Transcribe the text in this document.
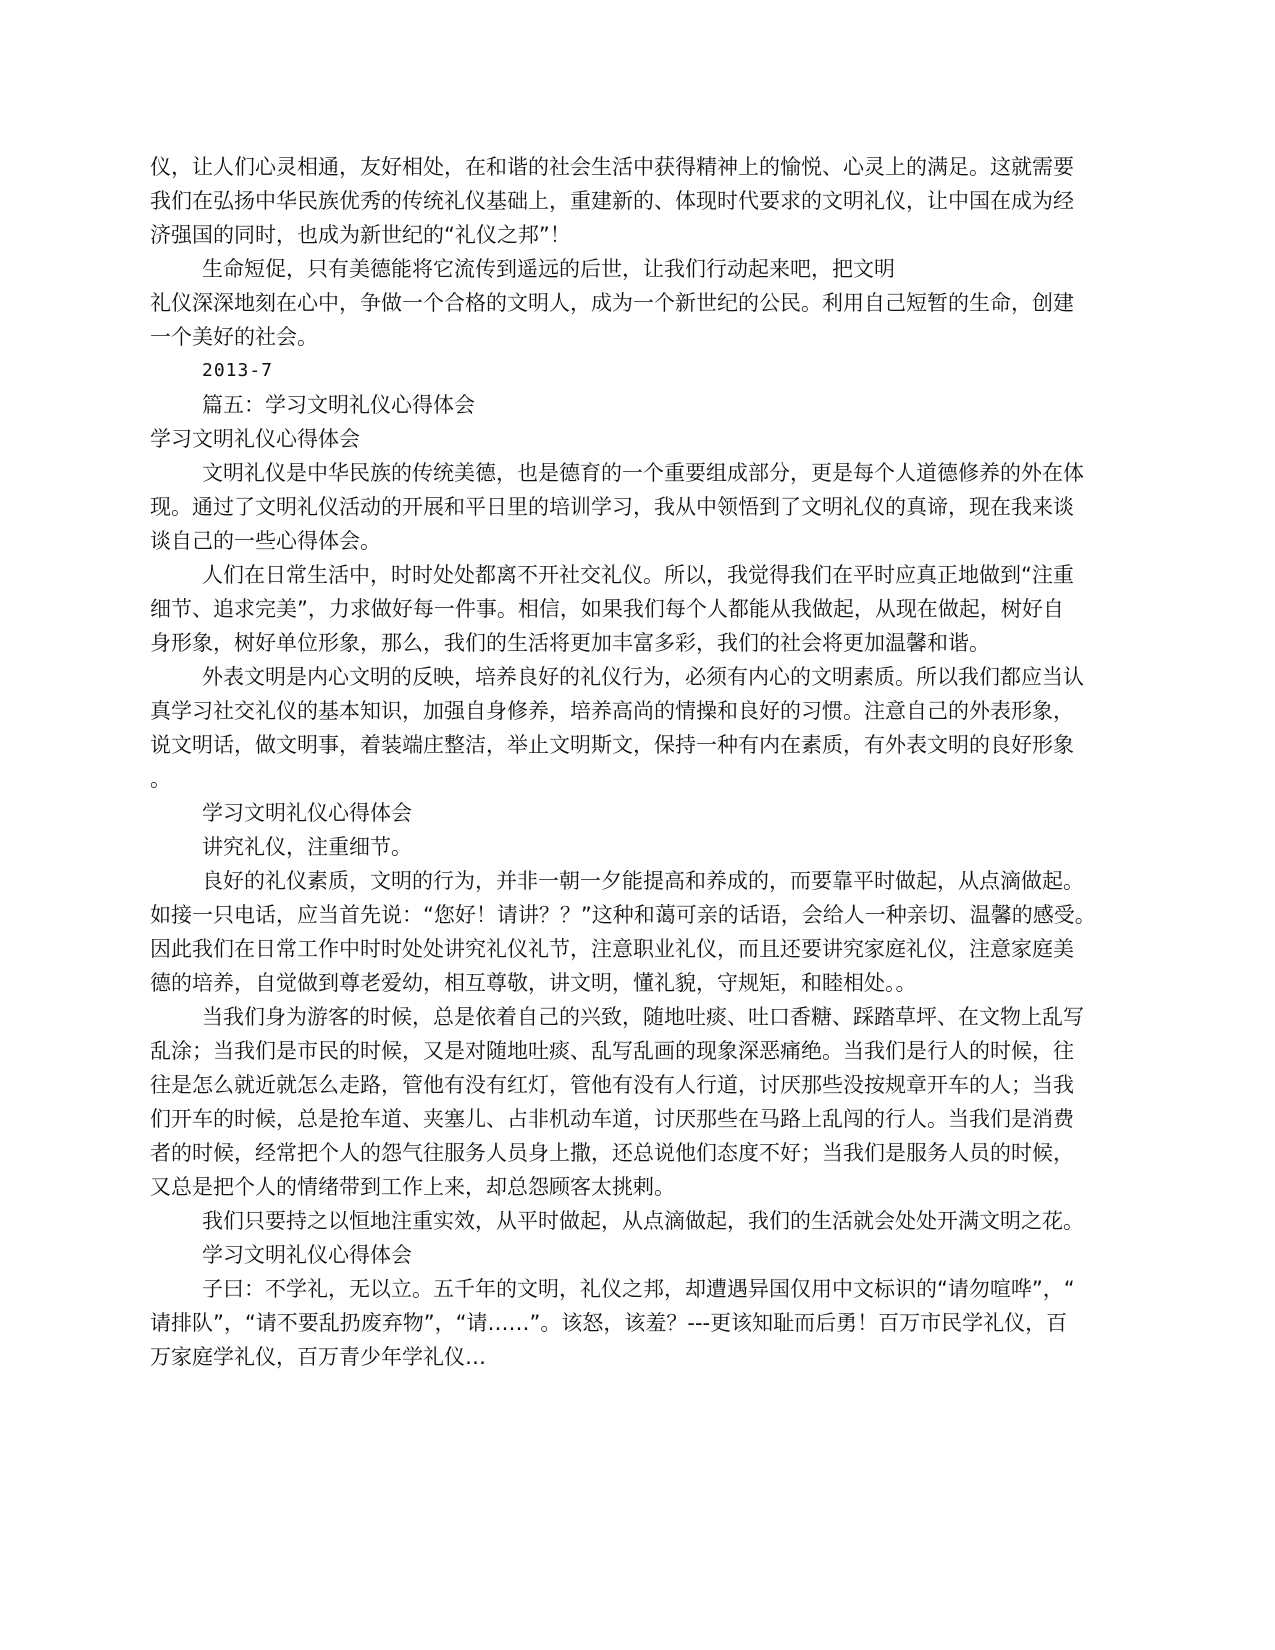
仪，让人们心灵相通，友好相处，在和谐的社会生活中获得精神上的愉悦、心灵上的满足。这就需要

我们在弘扬中华民族优秀的传统礼仪基础上，重建新的、体现时代要求的文明礼仪，让中国在成为经

济强国的同时，也成为新世纪的“礼仪之邦”！

生命短促，只有美德能将它流传到遥远的后世，让我们行动起来吧，把文明

礼仪深深地刻在心中，争做一个合格的文明人，成为一个新世纪的公民。利用自己短暂的生命，创建

一个美好的社会。

2013-7

篇五：学习文明礼仪心得体会

学习文明礼仪心得体会

文明礼仪是中华民族的传统美德，也是德育的一个重要组成部分，更是每个人道德修养的外在体

现。通过了文明礼仪活动的开展和平日里的培训学习，我从中领悟到了文明礼仪的真谛，现在我来谈

谈自己的一些心得体会。

人们在日常生活中，时时处处都离不开社交礼仪。所以，我觉得我们在平时应真正地做到“注重

细节、追求完美”，力求做好每一件事。相信，如果我们每个人都能从我做起，从现在做起，树好自

身形象，树好单位形象，那么，我们的生活将更加丰富多彩，我们的社会将更加温馨和谐。

外表文明是内心文明的反映，培养良好的礼仪行为，必须有内心的文明素质。所以我们都应当认

真学习社交礼仪的基本知识，加强自身修养，培养高尚的情操和良好的习惯。注意自己的外表形象，

说文明话，做文明事，着装端庄整洁，举止文明斯文，保持一种有内在素质，有外表文明的良好形象

。

学习文明礼仪心得体会

讲究礼仪，注重细节。

良好的礼仪素质，文明的行为，并非一朝一夕能提高和养成的，而要靠平时做起，从点滴做起。

如接一只电话，应当首先说：“您好！请讲？？”这种和蔼可亲的话语，会给人一种亲切、温馨的感受。

因此我们在日常工作中时时处处讲究礼仪礼节，注意职业礼仪，而且还要讲究家庭礼仪，注意家庭美

德的培养，自觉做到尊老爱幼，相互尊敬，讲文明，懂礼貌，守规矩，和睦相处。。

当我们身为游客的时候，总是依着自己的兴致，随地吐痰、吐口香糖、踩踏草坪、在文物上乱写

乱涂；当我们是市民的时候，又是对随地吐痰、乱写乱画的现象深恶痛绝。当我们是行人的时候，往

往是怎么就近就怎么走路，管他有没有红灯，管他有没有人行道，讨厌那些没按规章开车的人；当我

们开车的时候，总是抢车道、夹塞儿、占非机动车道，讨厌那些在马路上乱闯的行人。当我们是消费

者的时候，经常把个人的怨气往服务人员身上撒，还总说他们态度不好；当我们是服务人员的时候，

又总是把个人的情绪带到工作上来，却总怨顾客太挑剌。

我们只要持之以恒地注重实效，从平时做起，从点滴做起，我们的生活就会处处开满文明之花。

学习文明礼仪心得体会

子曰：不学礼，无以立。五千年的文明，礼仪之邦，却遭遇异国仅用中文标识的“请勿喧哗”，“

请排队”，“请不要乱扔废弃物”，“请……”。该怒，该羞？---更该知耻而后勇！百万市民学礼仪，百

万家庭学礼仪，百万青少年学礼仪…
